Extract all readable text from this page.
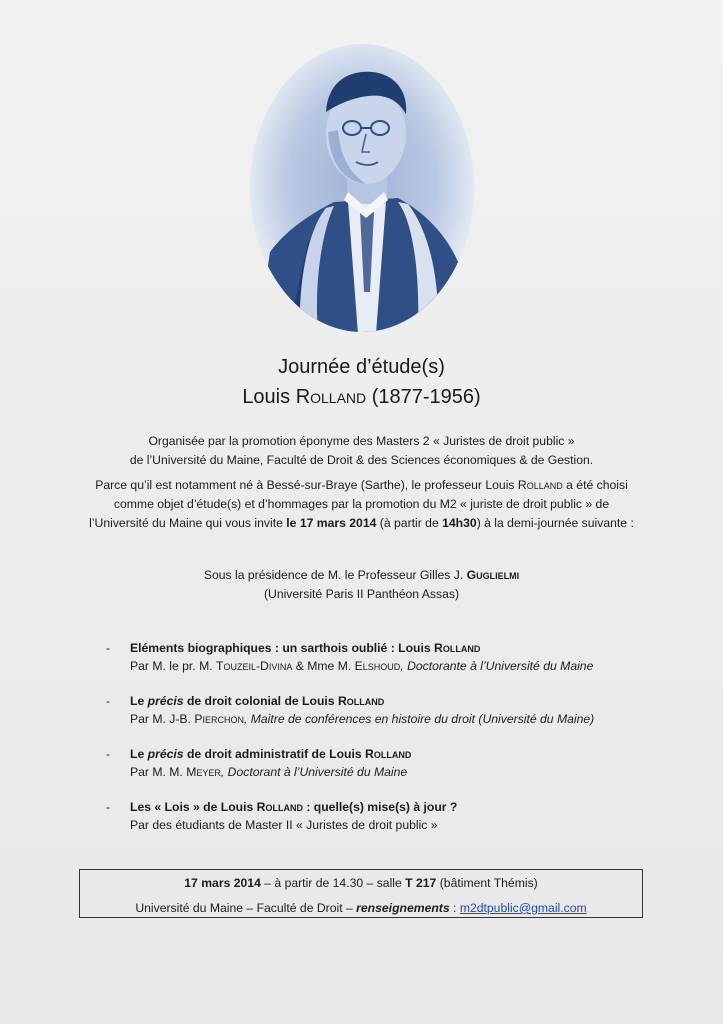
Journée d’étude(s)
Louis Rolland (1877-1956)
Organisée par la promotion éponyme des Masters 2 « Juristes de droit public »
de l’Université du Maine, Faculté de Droit & des Sciences économiques & de Gestion.
Parce qu’il est notamment né à Bessé-sur-Braye (Sarthe), le professeur Louis Rolland a été choisi
comme objet d’étude(s) et d’hommages par la promotion du M2 « juriste de droit public » de
l’Université du Maine qui vous invite le 17 mars 2014 (à partir de 14h30) à la demi-journée suivante :
Sous la présidence de M. le Professeur Gilles J. Guglielmi
(Université Paris II Panthéon Assas)
- Eléments biographiques : un sarthois oublié : Louis Rolland
Par M. le pr. M. Touzeil-Divina & Mme M. Elshoud, Doctorante à l’Université du Maine
- Le précis de droit colonial de Louis Rolland
Par M. J-B. Pierchon, Maitre de conférences en histoire du droit (Université du Maine)
- Le précis de droit administratif de Louis Rolland
Par M. M. Meyer, Doctorant à l’Université du Maine
- Les « Lois » de Louis Rolland : quelle(s) mise(s) à jour ?
Par des étudiants de Master II « Juristes de droit public »
17 mars 2014 – à partir de 14.30 – salle T 217 (bâtiment Thémis)
Université du Maine – Faculté de Droit – renseignements : m2dtpublic@gmail.com
